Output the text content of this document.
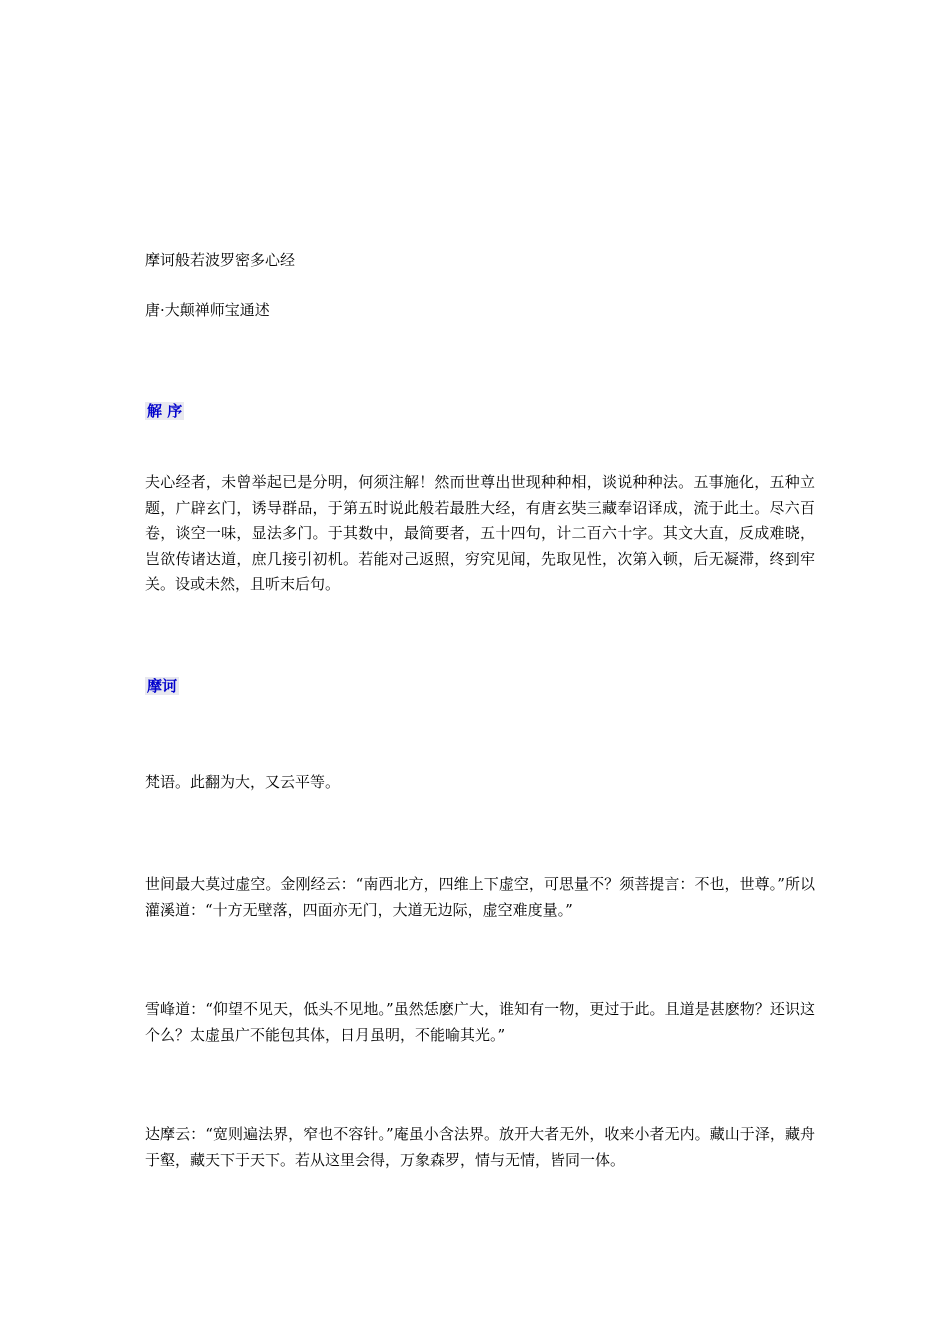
摩诃般若波罗密多心经

唐·大颠禅师宝通述

解 序

夫心经者，未曾举起已是分明，何须注解！然而世尊出世现种种相，谈说种种法。五事施化，五种立题，广辟玄门，诱导群品，于第五时说此般若最胜大经，有唐玄奘三藏奉诏译成，流于此土。尽六百卷，谈空一味，显法多门。于其数中，最简要者，五十四句，计二百六十字。其文大直，反成难晓，岂欲传诸达道，庶几接引初机。若能对己返照，穷究见闻，先取见性，次第入顿，后无凝滞，终到牢关。设或未然，且听末后句。

摩诃

梵语。此翻为大，又云平等。

世间最大莫过虚空。金刚经云：“南西北方，四维上下虚空，可思量不？须菩提言：不也，世尊。”所以灌溪道：“十方无壁落，四面亦无门，大道无边际，虚空难度量。”

雪峰道：“仰望不见天，低头不见地。”虽然恁麽广大，谁知有一物，更过于此。且道是甚麽物？还识这个么？太虚虽广不能包其体，日月虽明，不能喻其光。”

达摩云：“宽则遍法界，窄也不容针。”庵虽小含法界。放开大者无外，收来小者无内。藏山于泽，藏舟于壑，藏天下于天下。若从这里会得，万象森罗，情与无情，皆同一体。
